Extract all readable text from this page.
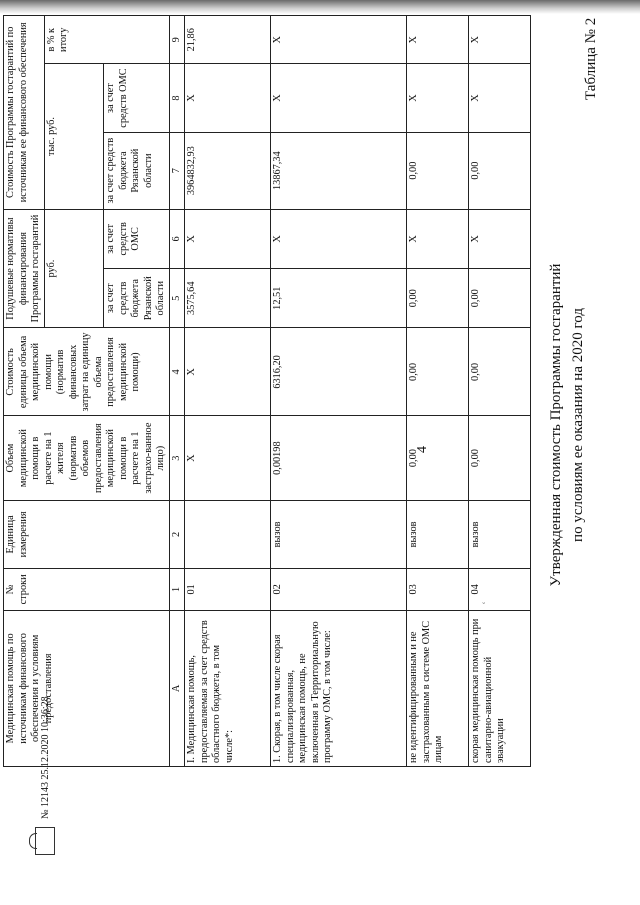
4
Таблица № 2
Утвержденная стоимость Программы госгарантий по условиям ее оказания на 2020 год
Медицинская помощь по источникам финансового обеспечения и условиям предоставления	№ строки	Единица измерения	Объем медицинской помощи в расчете на 1 жителя (норматив объемов предоставления медицинской помощи в расчете на 1 застрахо-ванное лицо)	Стоимость единицы объема медицинской помощи (норматив финансовых затрат на единицу объема предоставления медицинской помощи)	Подушевые нормативы финансирования Программы госгарантий		Стоимость Программы гостарантий по источникам ее финансового обеспечения		
					руб.		тыс. руб.		в % к итогу
					за счет средств бюджета Рязанской области	за счет средств ОМС	за счет средств бюджета Рязанской области	за счет средств ОМС	
А	1	2	3	4	5	6	7	8	9
I. Медицинская помощь, предоставляемая за счет средств областного бюджета, в том числе*:	01		X	X	3575,64	X	3964832,93	X	21,86
1. Скорая, в том числе скорая специализированная, медицинская помощь, не включенная в Территориальную программу ОМС, в том числе:	02	вызов	0,00198	6316,20	12,51	X	13867,34	X	X
не идентифицированным и не застрахованным в системе ОМС лицам	03	вызов	0,00	0,00	0,00	X	0,00	X	X
скорая медицинская помощь при санитарно-авиационной эвакуации	04	вызов	0,00	0,00	0,00	X	0,00	X	X
№ 12143 25.12.2020 10:36:28
ʿ
